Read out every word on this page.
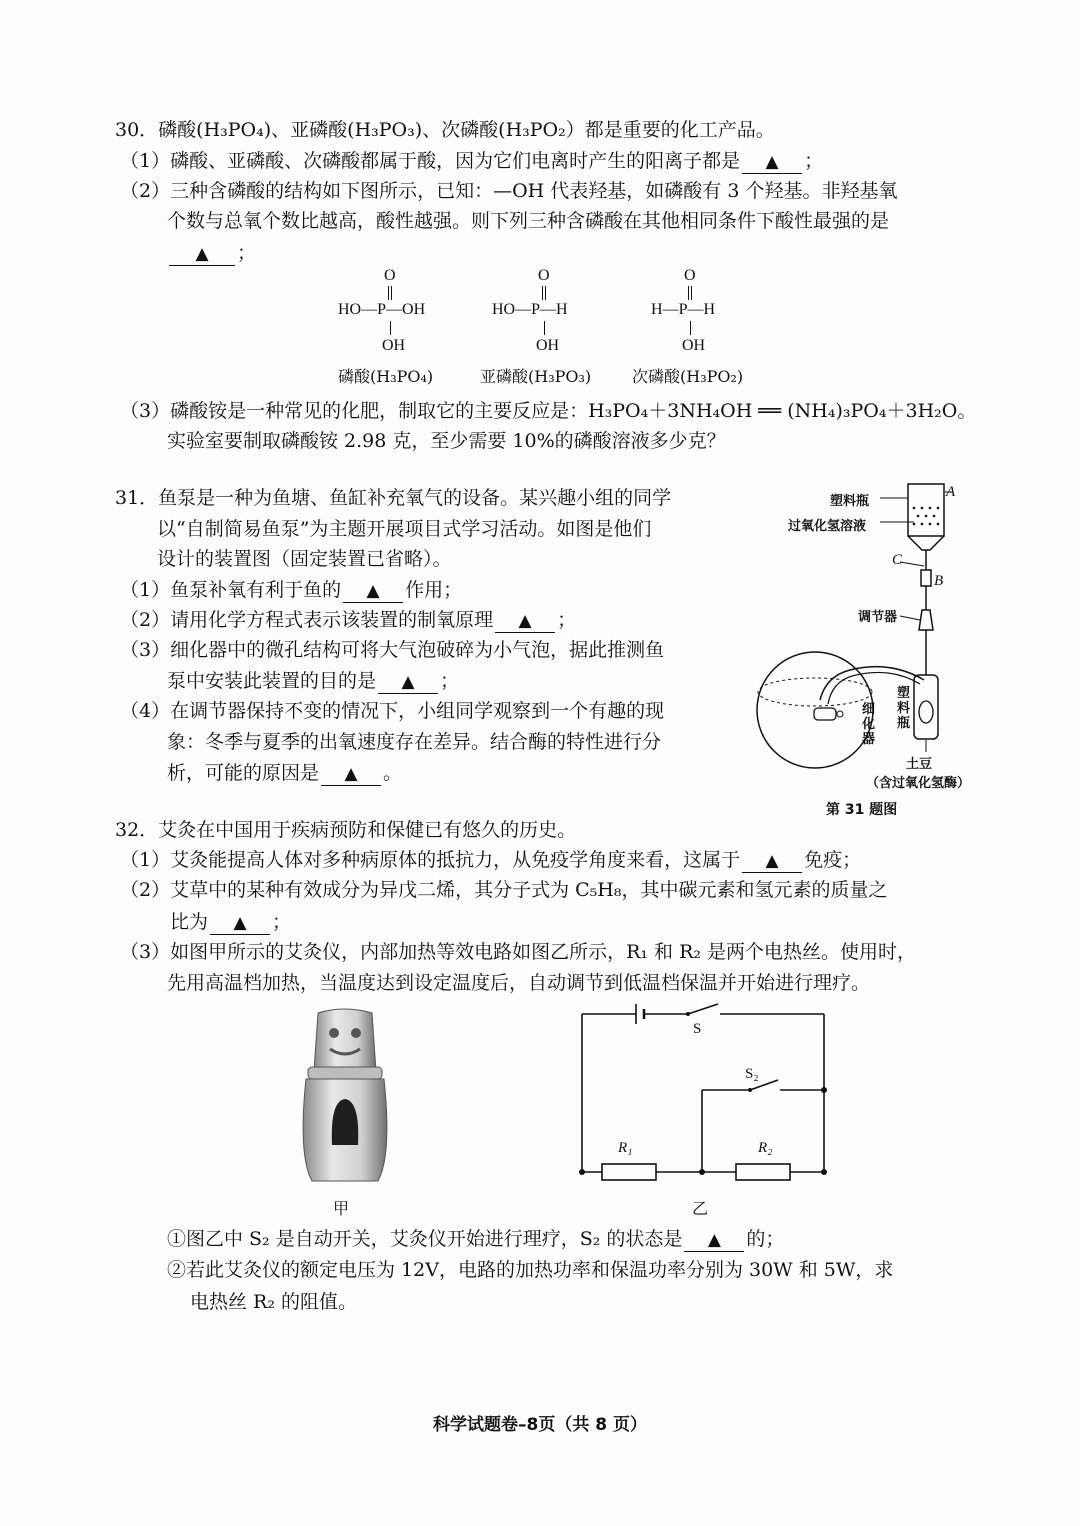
30．磷酸(H₃PO₄)、亚磷酸(H₃PO₃)、次磷酸(H₃PO₂）都是重要的化工产品。
（1）磷酸、亚磷酸、次磷酸都属于酸，因为它们电离时产生的阳离子都是 ▲ ；
（2）三种含磷酸的结构如下图所示，已知：—OH 代表羟基，如磷酸有 3 个羟基。非羟基氧
个数与总氧个数比越高，酸性越强。则下列三种含磷酸在其他相同条件下酸性最强的是
▲ ；
O
HO—P—OH
OH
磷酸(H₃PO₄)
O
HO—P—H
OH
亚磷酸(H₃PO₃)
O
H—P—H
OH
次磷酸(H₃PO₂)
（3）磷酸铵是一种常见的化肥，制取它的主要反应是：H₃PO₄＋3NH₄OH ══ (NH₄)₃PO₄＋3H₂O。
实验室要制取磷酸铵 2.98 克，至少需要 10%的磷酸溶液多少克？
31．鱼泵是一种为鱼塘、鱼缸补充氧气的设备。某兴趣小组的同学
以“自制简易鱼泵”为主题开展项目式学习活动。如图是他们
设计的装置图（固定装置已省略）。
（1）鱼泵补氧有利于鱼的 ▲ 作用；
（2）请用化学方程式表示该装置的制氧原理 ▲ ；
（3）细化器中的微孔结构可将大气泡破碎为小气泡，据此推测鱼
泵中安装此装置的目的是 ▲ ；
（4）在调节器保持不变的情况下，小组同学观察到一个有趣的现
象：冬季与夏季的出氧速度存在差异。结合酶的特性进行分
析，可能的原因是 ▲ 。
塑料瓶
过氧化氢溶液
A
C
B
调节器
细
化
器
塑
料
瓶
土豆
（含过氧化氢酶）
第 31 题图
32．艾灸在中国用于疾病预防和保健已有悠久的历史。
（1）艾灸能提高人体对多种病原体的抵抗力，从免疫学角度来看，这属于 ▲ 免疫；
（2）艾草中的某种有效成分为异戊二烯，其分子式为 C₅H₈，其中碳元素和氢元素的质量之
比为 ▲ ；
（3）如图甲所示的艾灸仪，内部加热等效电路如图乙所示，R₁ 和 R₂ 是两个电热丝。使用时，
先用高温档加热，当温度达到设定温度后，自动调节到低温档保温并开始进行理疗。
甲
S
S₂
R₁	R₂
乙
①图乙中 S₂ 是自动开关，艾灸仪开始进行理疗，S₂ 的状态是 ▲ 的；
②若此艾灸仪的额定电压为 12V，电路的加热功率和保温功率分别为 30W 和 5W，求
电热丝 R₂ 的阻值。
科学试题卷–8页（共 8 页）
